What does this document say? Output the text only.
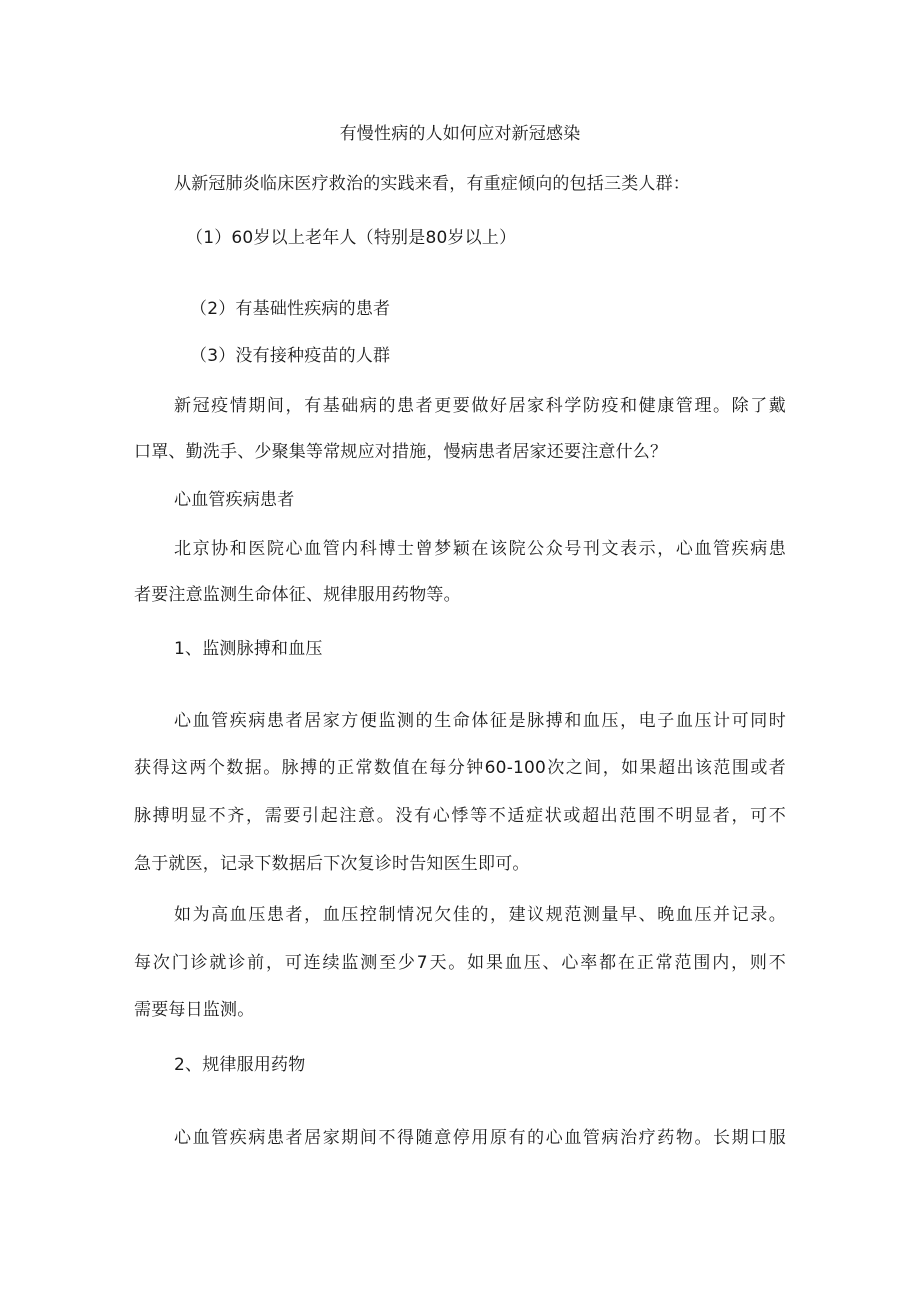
有慢性病的人如何应对新冠感染
从新冠肺炎临床医疗救治的实践来看，有重症倾向的包括三类人群：
（1）60岁以上老年人（特别是80岁以上）
（2）有基础性疾病的患者
（3）没有接种疫苗的人群
新冠疫情期间，有基础病的患者更要做好居家科学防疫和健康管理。除了戴
口罩、勤洗手、少聚集等常规应对措施，慢病患者居家还要注意什么？
心血管疾病患者
北京协和医院心血管内科博士曾梦颖在该院公众号刊文表示，心血管疾病患
者要注意监测生命体征、规律服用药物等。
1、监测脉搏和血压
心血管疾病患者居家方便监测的生命体征是脉搏和血压，电子血压计可同时
获得这两个数据。脉搏的正常数值在每分钟60-100次之间，如果超出该范围或者
脉搏明显不齐，需要引起注意。没有心悸等不适症状或超出范围不明显者，可不
急于就医，记录下数据后下次复诊时告知医生即可。
如为高血压患者，血压控制情况欠佳的，建议规范测量早、晚血压并记录。
每次门诊就诊前，可连续监测至少7天。如果血压、心率都在正常范围内，则不
需要每日监测。
2、规律服用药物
心血管疾病患者居家期间不得随意停用原有的心血管病治疗药物。长期口服
